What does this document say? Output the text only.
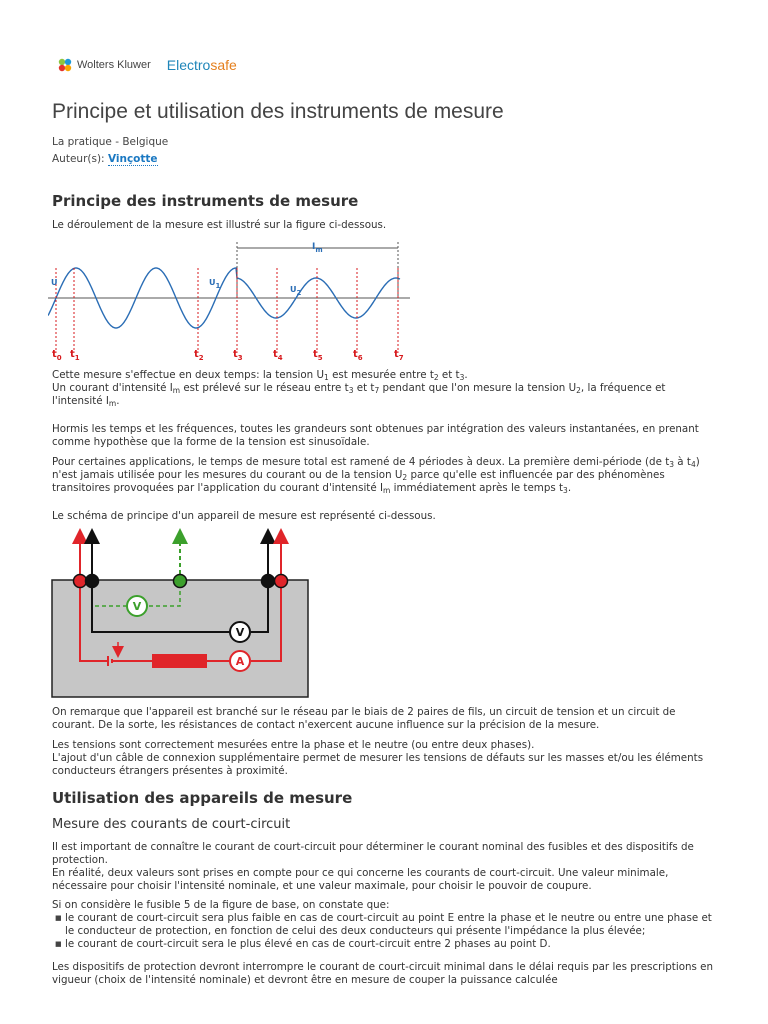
Wolters Kluwer Electrosafe
Principe et utilisation des instruments de mesure
La pratique - Belgique
Auteur(s): Vinçotte
Principe des instruments de mesure

Le déroulement de la mesure est illustré sur la figure ci-dessous.

$I_m$
U	U1	U2
$t_0$ $t_1$	$t_2$	$t_3$	$t_4$	$t_5$	$t_6$	$t_7$

Cette mesure s'effectue en deux temps: la tension $U_1$ est mesurée entre $t_2$ et $t_3$.
Un courant d'intensité $I_m$ est prélevé sur le réseau entre $t_3$ et $t_7$ pendant que l'on mesure la tension $U_2$, la fréquence et l'intensité $I_m$.

Hormis les temps et les fréquences, toutes les grandeurs sont obtenues par intégration des valeurs instantanées, en prenant comme hypothèse que la forme de la tension est sinusoïdale.

Pour certaines applications, le temps de mesure total est ramené de 4 périodes à deux. La première demi-période (de $t_3$ à $t_4$) n'est jamais utilisée pour les mesures du courant ou de la tension $U_2$ parce qu'elle est influencée par des phénomènes transitoires provoquées par l'application du courant d'intensité $I_m$ immédiatement après le temps $t_3$.

Le schéma de principe d'un appareil de mesure est représenté ci-dessous.

V
V
A

On remarque que l'appareil est branché sur le réseau par le biais de 2 paires de fils, un circuit de tension et un circuit de courant. De la sorte, les résistances de contact n'exercent aucune influence sur la précision de la mesure.

Les tensions sont correctement mesurées entre la phase et le neutre (ou entre deux phases).
L'ajout d'un câble de connexion supplémentaire permet de mesurer les tensions de défauts sur les masses et/ou les éléments conducteurs étrangers présentes à proximité.

Utilisation des appareils de mesure
Mesure des courants de court-circuit

Il est important de connaître le courant de court-circuit pour déterminer le courant nominal des fusibles et des dispositifs de protection.
En réalité, deux valeurs sont prises en compte pour ce qui concerne les courants de court-circuit. Une valeur minimale, nécessaire pour choisir l'intensité nominale, et une valeur maximale, pour choisir le pouvoir de coupure.

Si on considère le fusible 5 de la figure de base, on constate que:

■ le courant de court-circuit sera plus faible en cas de court-circuit au point E entre la phase et le neutre ou entre une phase et le conducteur de protection, en fonction de celui des deux conducteurs qui présente l'impédance la plus élevée;
■ le courant de court-circuit sera le plus élevé en cas de court-circuit entre 2 phases au point D.

Les dispositifs de protection devront interrompre le courant de court-circuit minimal dans le délai requis par les prescriptions en vigueur (choix de l'intensité nominale) et devront être en mesure de couper la puissance calculée
